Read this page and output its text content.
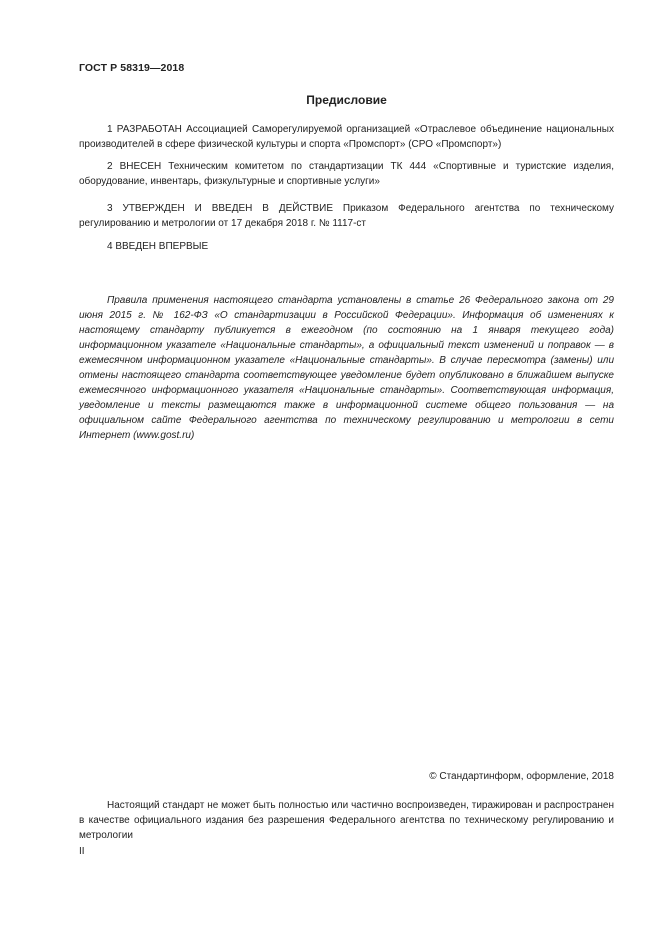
ГОСТ Р 58319—2018
Предисловие

1 РАЗРАБОТАН Ассоциацией Саморегулируемой организацией «Отраслевое объединение национальных производителей в сфере физической культуры и спорта «Промспорт» (СРО «Промспорт»)

2 ВНЕСЕН Техническим комитетом по стандартизации ТК 444 «Спортивные и туристские изделия, оборудование, инвентарь, физкультурные и спортивные услуги»

3 УТВЕРЖДЕН И ВВЕДЕН В ДЕЙСТВИЕ Приказом Федерального агентства по техническому регулированию и метрологии от 17 декабря 2018 г. № 1117-ст

4 ВВЕДЕН ВПЕРВЫЕ

Правила применения настоящего стандарта установлены в статье 26 Федерального закона от 29 июня 2015 г. № 162-ФЗ «О стандартизации в Российской Федерации». Информация об изменениях к настоящему стандарту публикуется в ежегодном (по состоянию на 1 января текущего года) информационном указателе «Национальные стандарты», а официальный текст изменений и поправок — в ежемесячном информационном указателе «Национальные стандарты». В случае пересмотра (замены) или отмены настоящего стандарта соответствующее уведомление будет опубликовано в ближайшем выпуске ежемесячного информационного указателя «Национальные стандарты». Соответствующая информация, уведомление и тексты размещаются также в информационной системе общего пользования — на официальном сайте Федерального агентства по техническому регулированию и метрологии в сети Интернет (www.gost.ru)

© Стандартинформ, оформление, 2018

Настоящий стандарт не может быть полностью или частично воспроизведен, тиражирован и распространен в качестве официального издания без разрешения Федерального агентства по техническому регулированию и метрологии

II
